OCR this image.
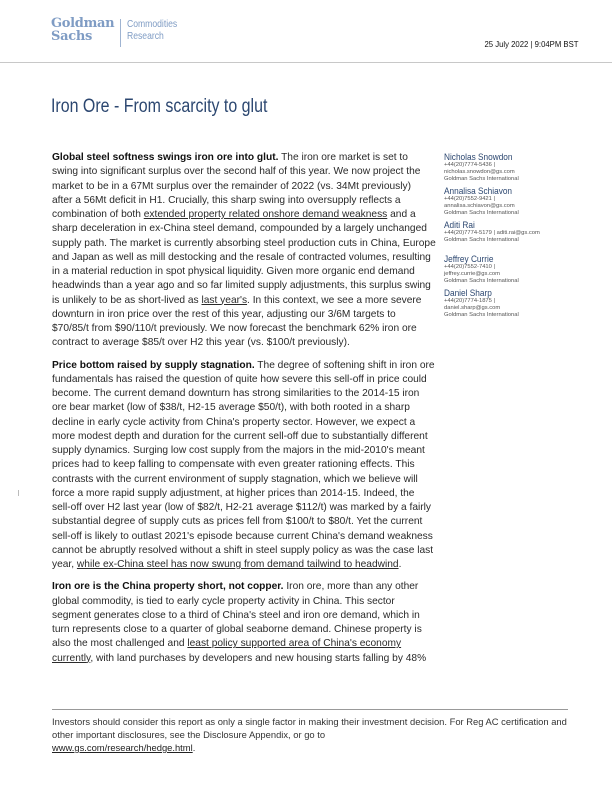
Goldman
Sachs
Commodities
Research
25 July 2022 | 9:04PM BST
Iron Ore - From scarcity to glut

Global steel softness swings iron ore into glut. The iron ore market is set to
swing into significant surplus over the second half of this year. We now project the
market to be in a 67Mt surplus over the remainder of 2022 (vs. 34Mt previously)
after a 56Mt deficit in H1. Crucially, this sharp swing into oversupply reflects a
combination of both extended property related onshore demand weakness and a
sharp deceleration in ex-China steel demand, compounded by a largely unchanged
supply path. The market is currently absorbing steel production cuts in China, Europe
and Japan as well as mill destocking and the resale of contracted volumes, resulting
in a material reduction in spot physical liquidity. Given more organic end demand
headwinds than a year ago and so far limited supply adjustments, this surplus swing
is unlikely to be as short-lived as last year's. In this context, we see a more severe
downturn in iron price over the rest of this year, adjusting our 3/6M targets to
$70/85/t from $90/110/t previously. We now forecast the benchmark 62% iron ore
contract to average $85/t over H2 this year (vs. $100/t previously).

Price bottom raised by supply stagnation. The degree of softening shift in iron ore
fundamentals has raised the question of quite how severe this sell-off in price could
become. The current demand downturn has strong similarities to the 2014-15 iron
ore bear market (low of $38/t, H2-15 average $50/t), with both rooted in a sharp
decline in early cycle activity from China's property sector. However, we expect a
more modest depth and duration for the current sell-off due to substantially different
supply dynamics. Surging low cost supply from the majors in the mid-2010's meant
prices had to keep falling to compensate with even greater rationing effects. This
contrasts with the current environment of supply stagnation, which we believe will
force a more rapid supply adjustment, at higher prices than 2014-15. Indeed, the
sell-off over H2 last year (low of $82/t, H2-21 average $112/t) was marked by a fairly
substantial degree of supply cuts as prices fell from $100/t to $80/t. Yet the current
sell-off is likely to outlast 2021's episode because current China's demand weakness
cannot be abruptly resolved without a shift in steel supply policy as was the case last
year, while ex-China steel has now swung from demand tailwind to headwind.

Iron ore is the China property short, not copper. Iron ore, more than any other
global commodity, is tied to early cycle property activity in China. This sector
segment generates close to a third of China's steel and iron ore demand, which in
turn represents close to a quarter of global seaborne demand. Chinese property is
also the most challenged and least policy supported area of China's economy
currently, with land purchases by developers and new housing starts falling by 48%

Nicholas Snowdon
+44(20)7774-5436 |
nicholas.snowdon@gs.com
Goldman Sachs International
Annalisa Schiavon
+44(20)7552-9421 |
annalisa.schiavon@gs.com
Goldman Sachs International
Aditi Rai
+44(20)7774-5179 | aditi.rai@gs.com
Goldman Sachs International
Jeffrey Currie
+44(20)7552-7410 |
jeffrey.currie@gs.com
Goldman Sachs International
Daniel Sharp
+44(20)7774-1875 |
daniel.sharp@gs.com
Goldman Sachs International
Investors should consider this report as only a single factor in making their investment decision. For Reg AC certification and other important disclosures, see the Disclosure Appendix, or go to
www.gs.com/research/hedge.html.
